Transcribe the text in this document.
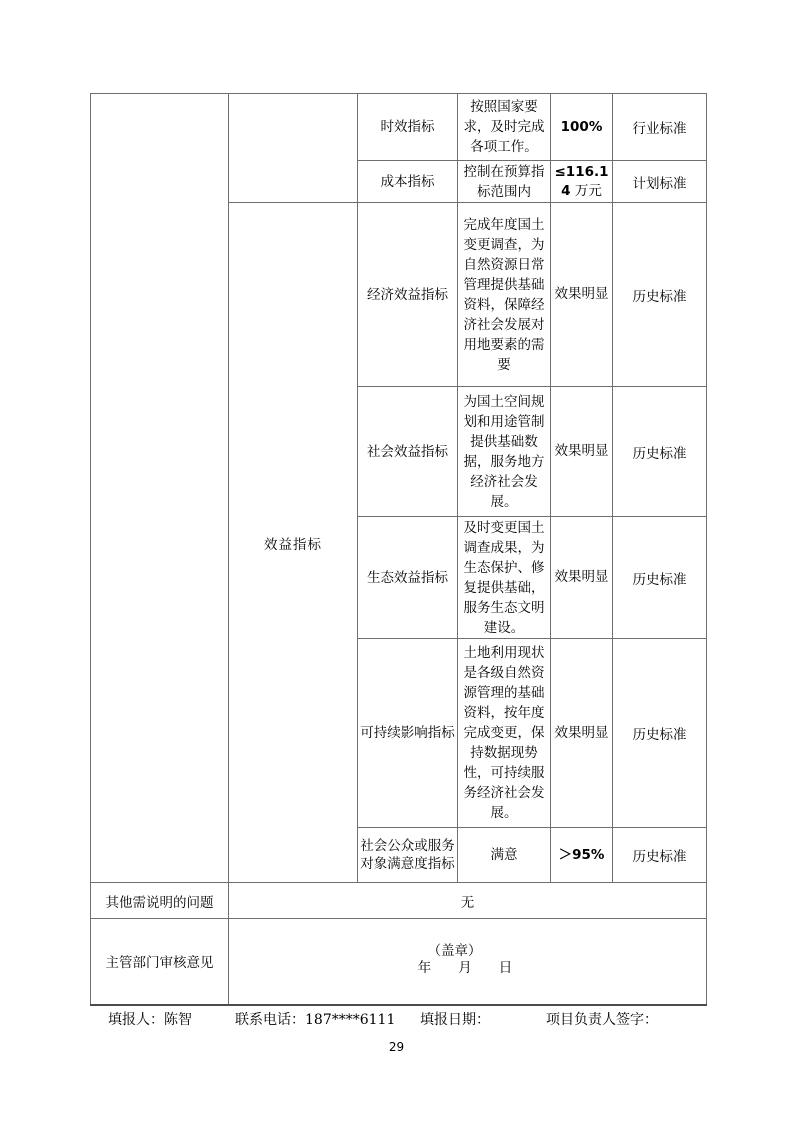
		时效指标	按照国家要求，及时完成各项工作。	100%	行业标准
		成本指标	控制在预算指标范围内	≤116.14 万元	计划标准
	效益指标	经济效益指标	完成年度国土变更调查，为自然资源日常管理提供基础资料，保障经济社会发展对用地要素的需要	效果明显	历史标准
		社会效益指标	为国土空间规划和用途管制提供基础数据，服务地方经济社会发展。	效果明显	历史标准
		生态效益指标	及时变更国土调查成果，为生态保护、修复提供基础，服务生态文明建设。	效果明显	历史标准
		可持续影响指标	土地利用现状是各级自然资源管理的基础资料，按年度完成变更，保持数据现势性，可持续服务经济社会发展。	效果明显	历史标准
		社会公众或服务对象满意度指标	满意	＞95%	历史标准
其他需说明的问题	无				
主管部门审核意见	（盖章）
年　　月　　日				
填报人：陈智	联系电话：187****6111 填报日期：	项目负责人签字：
29
